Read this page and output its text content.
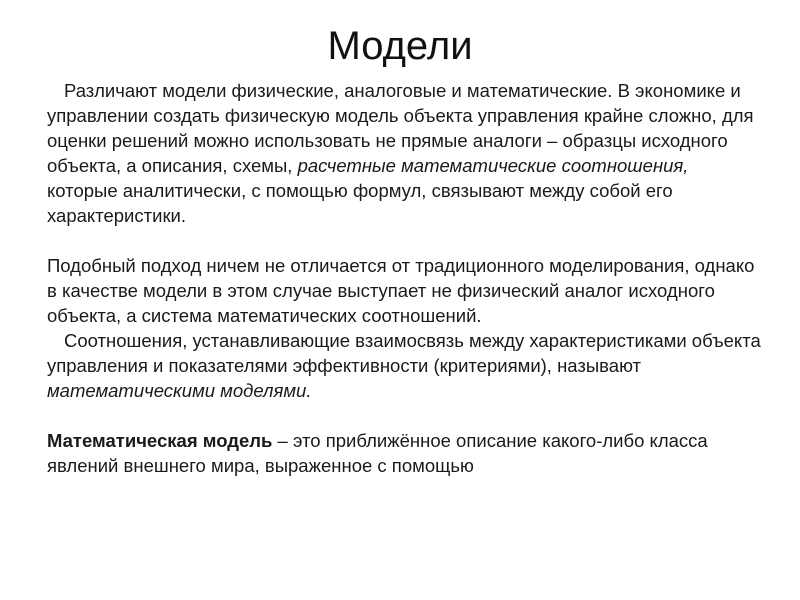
Модели

Различают модели физические, аналоговые и математические. В экономике и управлении создать физическую модель объекта управления крайне сложно, для оценки решений можно использовать не прямые аналоги – образцы исходного объекта, а описания, схемы, расчетные математические соотношения, которые аналитически, с помощью формул, связывают между собой его характеристики.

Подобный подход ничем не отличается от традиционного моделирования, однако в качестве модели в этом случае выступает не физический аналог исходного объекта, а система математических соотношений.

Соотношения, устанавливающие взаимосвязь между характеристиками объекта управления и показателями эффективности (критериями), называют математическими моделями.

Математическая модель – это приближённое описание какого-либо класса явлений внешнего мира, выраженное с помощью
